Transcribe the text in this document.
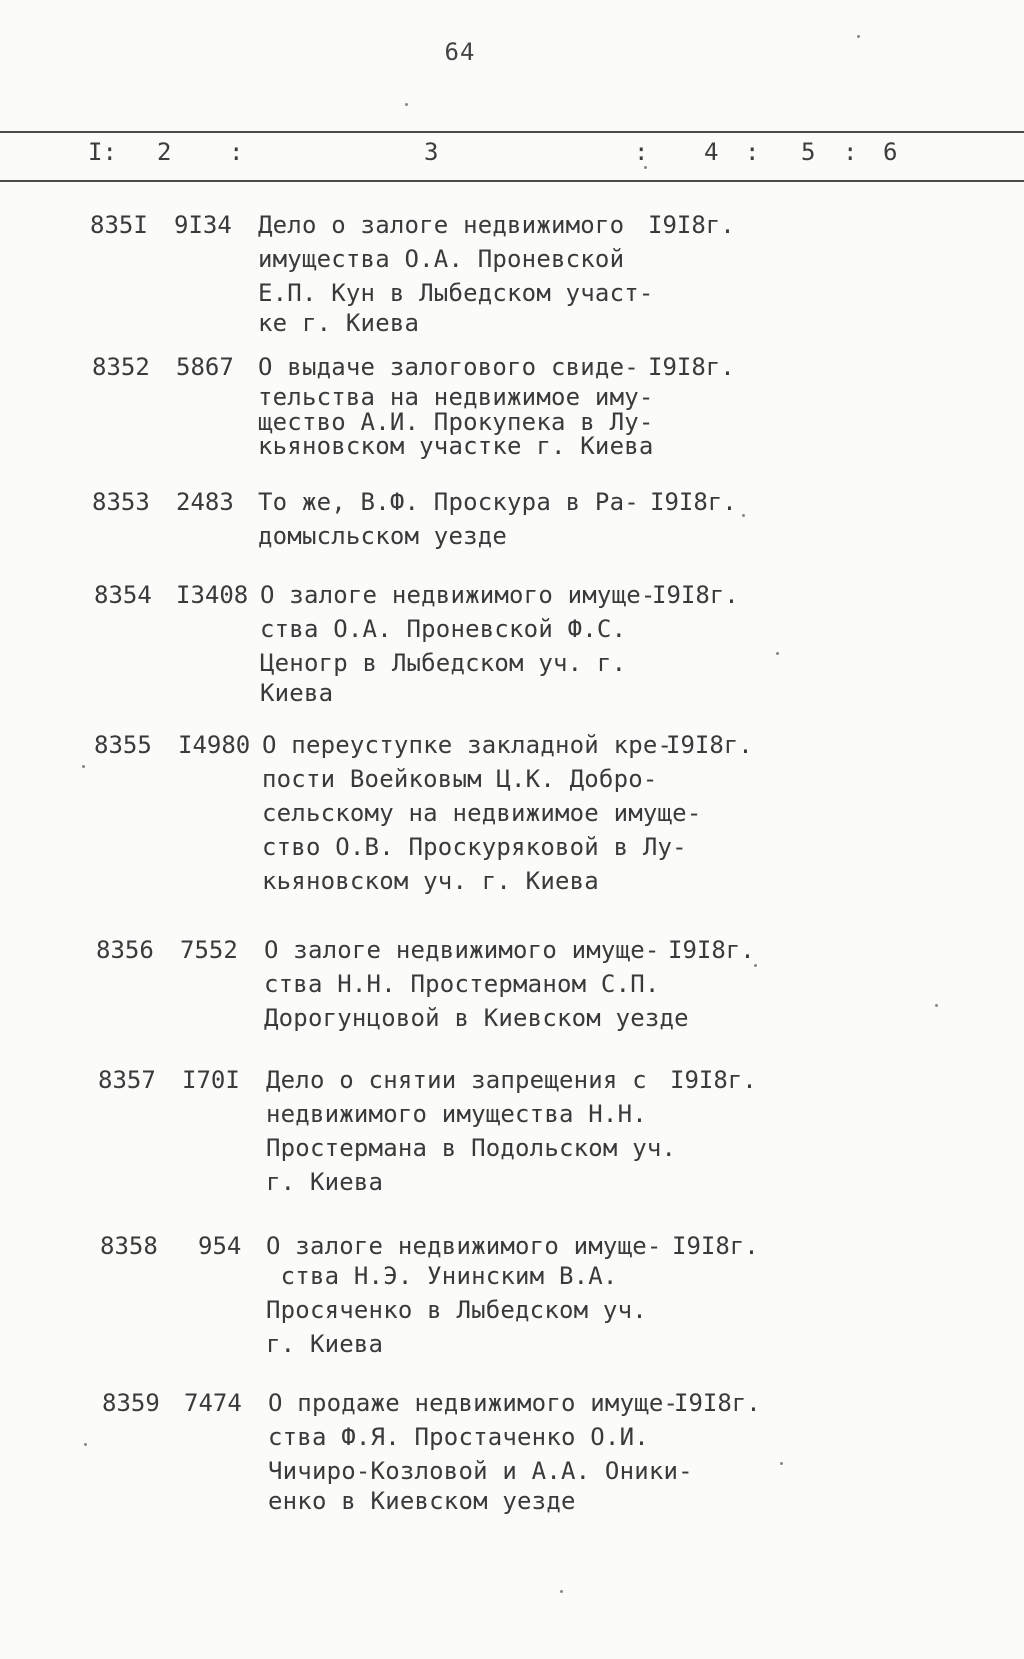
64
I: 2 :	3	: 4 : 5 : 6
835I 9I34 Дело о залоге недвижимого
имущества О.А. Проневской
Е.П. Кун в Лыбедском участ-
ке г. Киева
I9I8г.
8352 5867 О выдаче залогового свиде-
тельства на недвижимое иму-
щество А.И. Прокупека в Лу-
кьяновском участке г. Киева
I9I8г.
8353 2483 То же, В.Ф. Проскура в Ра-
домысльском уезде
I9I8г.
8354 I3408 О залоге недвижимого имуще-
ства О.А. Проневской Ф.С.
Ценогр в Лыбедском уч. г.
Киева
I9I8г.
8355 I4980 О переуступке закладной кре-
пости Воейковым Ц.К. Добро-
сельскому на недвижимое имуще-
ство О.В. Проскуряковой в Лу-
кьяновском уч. г. Киева
I9I8г.
8356 7552 О залоге недвижимого имуще-
ства Н.Н. Простерманом С.П.
Дорогунцовой в Киевском уезде
I9I8г.
8357 I70I Дело о снятии запрещения с
недвижимого имущества Н.Н.
Простермана в Подольском уч.
г. Киева
I9I8г.
8358 954 О залоге недвижимого имуще-
ства Н.Э. Унинским В.А.
Просяченко в Лыбедском уч.
г. Киева
I9I8г.
8359 7474 О продаже недвижимого имуще-
ства Ф.Я. Простаченко О.И.
Чичиро-Козловой и А.А. Оники-
енко в Киевском уезде
I9I8г.
